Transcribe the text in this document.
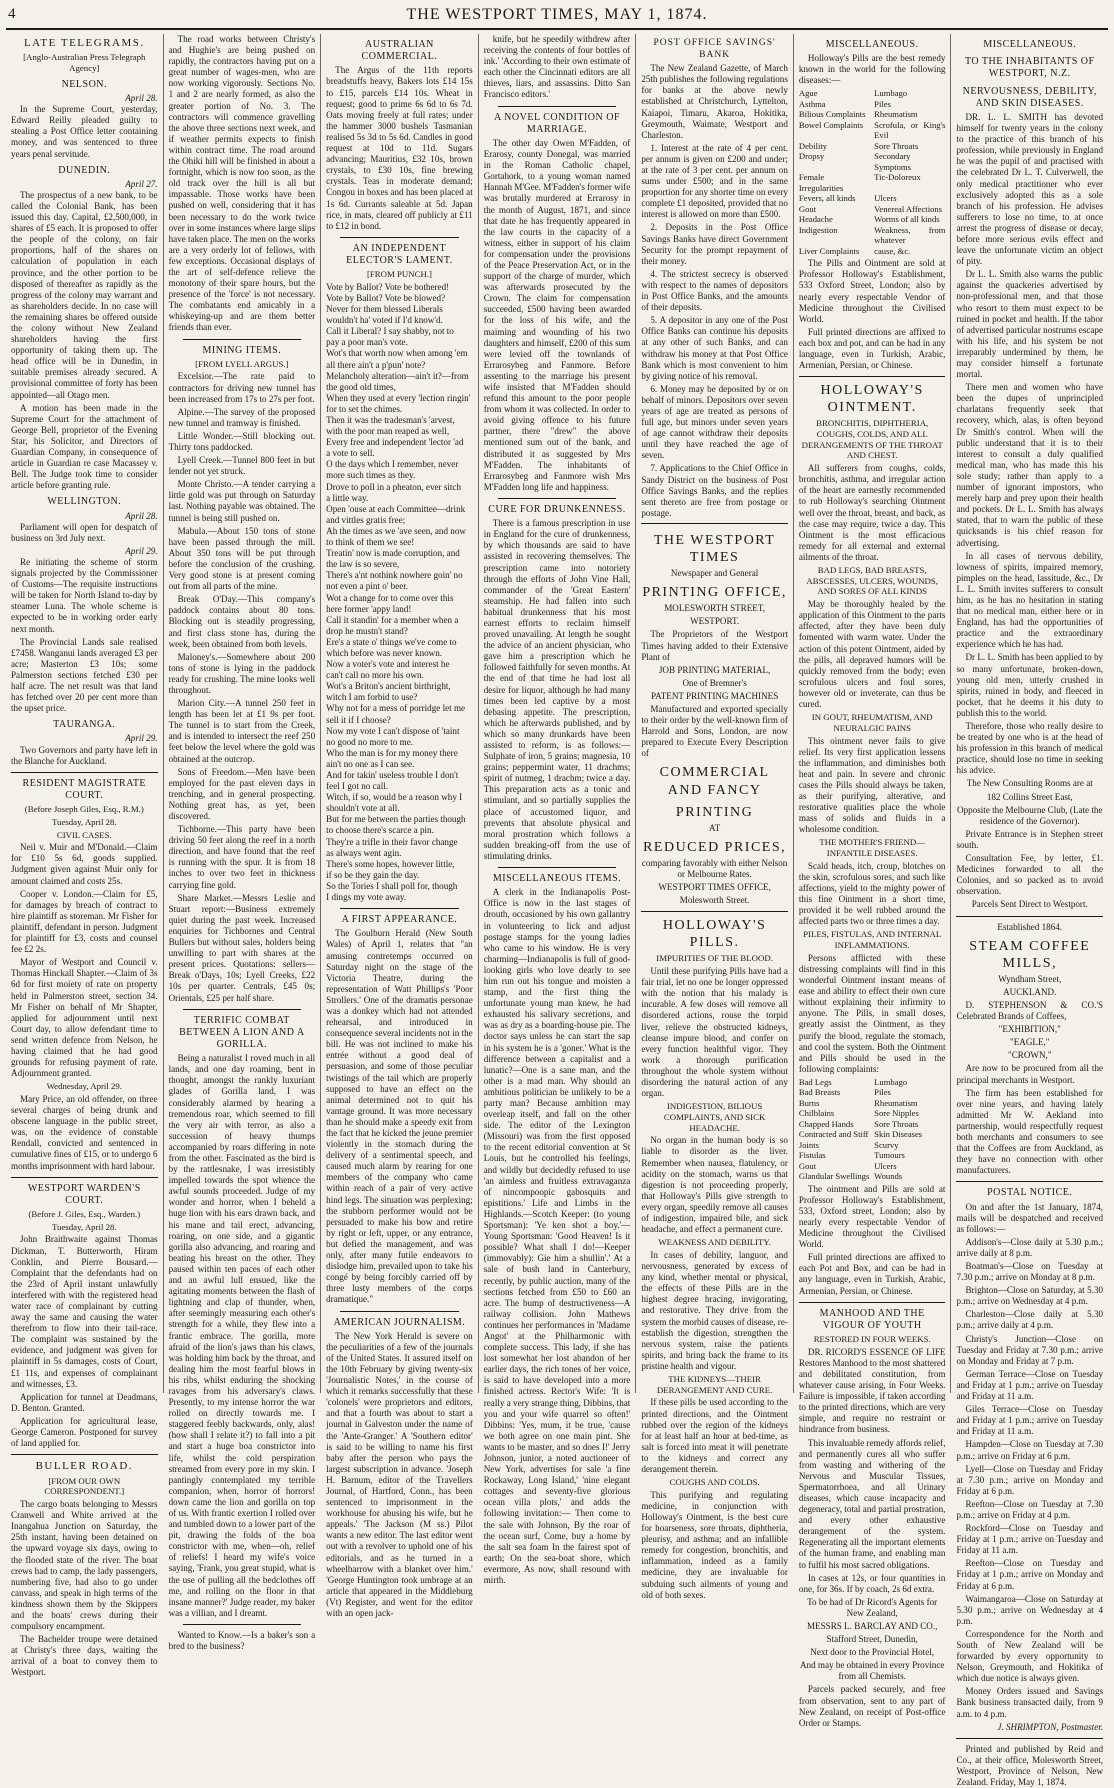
4	THE WESTPORT TIMES, MAY 1, 1874.
LATE TELEGRAMS.
[Anglo-Australian Press Telegraph Agency]
NELSON.

April 28.

In the Supreme Court, yesterday, Edward Reilly pleaded guilty to stealing a Post Office letter containing money, and was sentenced to three years penal servitude.

DUNEDIN.

April 27.

The prospectus of a new bank, to be called the Colonial Bank, has been issued this day. Capital, £2,500,000, in shares of £5 each. It is proposed to offer the people of the colony, on fair proportions, half of the shares on calculation of population in each province, and the other portion to be disposed of thereafter as rapidly as the progress of the colony may warrant and as shareholders decide. In no case will the remaining shares be offered outside the colony without New Zealand shareholders having the first opportunity of taking them up. The head office will be in Dunedin, in suitable premises already secured. A provisional committee of forty has been appointed—all Otago men.

A motion has been made in the Supreme Court for the attachment of George Bell, proprietor of the Evening Star, his Solicitor, and Directors of Guardian Company, in consequence of article in Guardian re case Macassey v. Bell. The Judge took time to consider article before granting rule.

WELLINGTON.

April 28.

Parliament will open for despatch of business on 3rd July next.

April 29.

Re initiating the scheme of storm signals projected by the Commissioner of Customs—The requisite instructions will be taken for North Island to-day by steamer Luna. The whole scheme is expected to be in working order early next month.

The Provincial Lands sale realised £7458. Wanganui lands averaged £3 per acre; Masterton £3 10s; some Palmerston sections fetched £30 per half acre. The net result was that land has fetched over 20 per cent more than the upset price.

TAURANGA.

April 29.

Two Governors and party have left in the Blanche for Auckland.

RESIDENT MAGISTRATE COURT.
(Before Joseph Giles, Esq., R.M.)
Tuesday, April 28.
CIVIL CASES.

Neil v. Muir and M'Donald.—Claim for £10 5s 6d, goods supplied. Judgment given against Muir only for amount claimed and costs 25s.

Cooper v. London.—Claim for £5, for damages by breach of contract to hire plaintiff as storeman. Mr Fisher for plaintiff, defendant in person. Judgment for plaintiff for £3, costs and counsel fee £2 2s.

Mayor of Westport and Council v. Thomas Hinckall Shapter.—Claim of 3s 6d for first moiety of rate on property held in Palmerston street, section 34. Mr Fisher on behalf of Mr Shapter, applied for adjournment until next Court day, to allow defendant time to send written defence from Nelson, he having claimed that he had good grounds for refusing payment of rate. Adjournment granted.

Wednesday, April 29.

Mary Price, an old offender, on three several charges of being drunk and obscene language in the public street, was, on the evidence of constable Rendall, convicted and sentenced in cumulative fines of £15, or to undergo 6 months imprisonment with hard labour.

WESTPORT WARDEN'S COURT.
(Before J. Giles, Esq., Warden.)
Tuesday, April 28.

John Braithwaite against Thomas Dickman, T. Butterworth, Hiram Conklin, and Pierre Bousard.—Complaint that the defendants had on the 23rd of April instant unlawfully interfered with with the registered head water race of complainant by cutting away the same and causing the water therefrom to flow into their tail-race. The complaint was sustained by the evidence, and judgment was given for plaintiff in 5s damages, costs of Court, £1 11s, and expenses of complainant and witnesses, £3.

Application for tunnel at Deadmans, D. Benton. Granted.

Application for agricultural lease, George Cameron. Postponed for survey of land applied for.

BULLER ROAD.
[FROM OUR OWN CORRESPONDENT.]

The cargo boats belonging to Messrs Cranwell and White arrived at the Inangahua Junction on Saturday, the 25th instant, having been detained on the upward voyage six days, owing to the flooded state of the river. The boat crews had to camp, the lady passengers, numbering five, had also to go under canvass, and speak in high terms of the kindness shown them by the Skippers and the boats' crews during their compulsory encampment.

The Bachelder troupe were detained at Christy's three days, waiting the arrival of a boat to convey them to Westport.

The road works between Christy's and Hughie's are being pushed on rapidly, the contractors having put on a great number of wages-men, who are now working vigorously. Sections No. 1 and 2 are nearly formed, as also the greater portion of No. 3. The contractors will commence gravelling the above three sections next week, and if weather permits expects to finish within contract time. The road around the Ohiki hill will be finished in about a fortnight, which is now too soon, as the old track over the hill is all but impassable. Those works have been pushed on well, considering that it has been necessary to do the work twice over in some instances where large slips have taken place. The men on the works are a very orderly lot of fellows, with few exceptions. Occasional displays of the art of self-defence relieve the monotony of their spare hours, but the presence of the 'force' is not necessary. The combatants end amicably in a whiskeying-up and are them better friends than ever.

MINING ITEMS.
[FROM LYELL ARGUS.]

Excelsior.—The rate paid to contractors for driving new tunnel has been increased from 17s to 27s per foot.

Alpine.—The survey of the proposed new tunnel and tramway is finished.

Little Wonder.—Still blocking out. Thirty tons paddocked.

Lyell Creek.—Tunnel 800 feet in but lender not yet struck.

Monte Christo.—A tender carrying a little gold was put through on Saturday last. Nothing payable was obtained. The tunnel is being still pushed on.

Mabula.—About 150 tons of stone have been passed through the mill. About 350 tons will be put through before the conclusion of the crushing. Very good stone is at present coming out from all parts of the mine.

Break O'Day.—This company's paddock contains about 80 tons. Blocking out is steadily progressing, and first class stone has, during the week, been obtained from both levels.

Maloney's.—Somewhere about 200 tons of stone is lying in the paddock ready for crushing. The mine looks well throughout.

Marion City.—A tunnel 250 feet in length has been let at £1 9s per foot. The tunnel is to start from the Creek, and is intended to intersect the reef 250 feet below the level where the gold was obtained at the outcrop.

Sons of Freedom.—Men have been employed for the past eleven days in trenching, and in general prospecting. Nothing great has, as yet, been discovered.

Tichborne.—This party have been driving 50 feet along the reef in a north direction, and have found that the reef is running with the spur. It is from 18 inches to over two feet in thickness carrying fine gold.

Share Market.—Messrs Leslie and Stuart report:—Business extremely quiet during the past week. Increased enquiries for Tichbornes and Central Bullers but without sales, holders being unwilling to part with shares at the present prices. Quotations: sellers—Break o'Days, 10s; Lyell Creeks, £22 10s per quarter. Centrals, £45 0s; Orientals, £25 per half share.

TERRIFIC COMBAT BETWEEN A LION AND A GORILLA.

Being a naturalist I roved much in all lands, and one day roaming, bent in thought, amongst the rankly luxuriant glades of Gorilla land, I was considerably alarmed by hearing a tremendous roar, which seemed to fill the very air with terror, as also a succession of heavy thumps accompanied by roars differing in note from the other. Fascinated as the bird is by the rattlesnake, I was irresistibly impelled towards the spot whence the awful sounds proceeded. Judge of my wonder and horror, when I beheld a huge lion with his ears drawn back, and his mane and tail erect, advancing, roaring, on one side, and a gigantic gorilla also advancing, and roaring and beating his breast on the other. They paused within ten paces of each other and an awful lull ensued, like the agitating moments between the flash of lightning and clap of thunder, when, after seemingly measuring each other's strength for a while, they flew into a frantic embrace. The gorilla, more afraid of the lion's jaws than his claws, was holding him back by the throat, and dealing him the most fearful blows in his ribs, whilst enduring the shocking ravages from his adversary's claws. Presently, to my intense horror the war rolled on directly towards me. I staggered feebly backwards, only, alas! (how shall I relate it?) to fall into a pit and start a huge boa constrictor into life, whilst the cold perspiration streamed from every pore in my skin. I pantingly contemplated my terrible companion, when, horror of horrors! down came the lion and gorilla on top of us. With frantic exertion I rolled over and tumbled down to a lower part of the pit, drawing the folds of the boa constrictor with me, when—oh, relief of reliefs! I heard my wife's voice saying, 'Frank, you great stupid, what is the use of pulling all the bedclothes off me, and rolling on the floor in that insane manner?' Judge reader, my baker was a villian, and I dreamt.

Wanted to Know.—Is a baker's son a bred to the business?

AUSTRALIAN COMMERCIAL.

The Argus of the 11th reports breadstuffs heavy, Bakers lots £14 15s to £15, parcels £14 10s. Wheat in request; good to prime 6s 6d to 6s 7d. Oats moving freely at full rates; under the hammer 3000 bushels Tasmanian realised 5s 3d to 5s 6d. Candles in good request at 10d to 11d. Sugars advancing; Mauritius, £32 10s, brown crystals, to £30 10s, fine brewing crystals. Teas in moderate demand; Congou in boxes and has been placed at 1s 6d. Currants saleable at 5d. Japan rice, in mats, cleared off publicly at £11 to £12 in bond.

AN INDEPENDENT ELECTOR'S LAMENT.
[FROM PUNCH.]

Vote by Ballot? Vote be bothered!
Vote by Ballot? Vote be blowed?
Never for them blessed Liberals
wouldn't ha' voted if I'd know'd.
Call it Liberal? I say shabby, not to
pay a poor man's vote.
Wot's that worth now when among 'em
all there ain't a p'pun' note?
Melancholy alteration—ain't it?—from
the good old times,
When they used at every 'lection ringin'
for to set the chimes.
Then it was the tradesman's 'arvest,
with the poor man reaped as well,
Every free and independent 'lector 'ad
a vote to sell.
O the days which I remember, never
more such times as they.
Drove to poll in a pheaton, ever sitch
a little way.
Open 'ouse at each Committee—drink
and vittles gratis free;
Ah the times as we 'ave seen, and now
to think of them we see!
Treatin' now is made corruption, and
the law is so severe,
There's a'nt nothink nowhere goin' no
not even a pint o' beer.
Wot a change for to come over this
here former 'appy land!
Call it standin' for a member when a
drop he mustn't stand?
Ere's a state o' things we've come to
which before was never known.
Now a voter's vote and interest he
can't call no more his own.
Wot's a Briton's ancient birthright,
witch I am forbid to use?
Why not for a mess of porridge let me
sell it if I choose?
Now my vote I can't dispose of 'taint
no good no more to me.
Who the man is for my money there
ain't no one as I can see.
And for takin' useless trouble I don't
feel I got no call.
Witch, if so, would be a reason why I
shouldn't vote at all.
But for me between the parties though
to choose there's scarce a pin.
They're a trifle in their favor change
as always went agin.
There's some hopes, however little,
if so be they gain the day.
So the Tories I shall poll for, though
I dings my vote away.

A FIRST APPEARANCE.

The Goulburn Herald (New South Wales) of April 1, relates that "an amusing contretemps occurred on Saturday night on the stage of the Victoria Theatre, during the representation of Watt Phillips's 'Poor Strollers.' One of the dramatis personae was a donkey which had not attended rehearsal, and introduced in consequence several incidents not in the bill. He was not inclined to make his entrée without a good deal of persuasion, and some of those peculiar twistings of the tail which are properly supposed to have an effect on the animal determined not to quit his vantage ground. It was more necessary than he should make a speedy exit from the fact that he kicked the jeune premier violently in the stomach during the delivery of a sentimental speech, and caused much alarm by rearing for one members of the company who came within reach of a pair of very active hind legs. The situation was perplexing; the stubborn performer would not be persuaded to make his bow and retire by right or left, upper, or any entrance, but defied the management, and was only, after many futile endeavors to dislodge him, prevailed upon to take his congé by being forcibly carried off by three lusty members of the corps dramatique."

AMERICAN JOURNALISM.

The New York Herald is severe on the peculiarities of a few of the journals of the United States. It assured itself on the 10th February by giving twenty-six 'Journalistic Notes,' in the course of which it remarks successfully that these 'colonels' were proprietors and editors, and that a fourth was about to start a journal in Galveston under the name of the 'Ante-Granger.' A 'Southern editor' is said to be willing to name his first baby after the person who pays the largest subscription in advance. 'Joseph H. Barnum, editor of the Travellers Journal, of Hartford, Conn., has been sentenced to imprisonment in the workhouse for abusing his wife, but he appeals.' 'The Jackson (M ss.) Pilot wants a new editor. The last editor went out with a revolver to uphold one of his editorials, and as he turned in a wheelbarrow with a blanket over him.' 'George Huntington took umbrage at an article that appeared in the Middleburg (Vt) Register, and went for the editor with an open jack-

knife, but he speedily withdrew after receiving the contents of four bottles of ink.' 'According to their own estimate of each other the Cincinnati editors are all thieves, liars, and assassins. Ditto San Francisco editors.'

A NOVEL CONDITION OF MARRIAGE.

The other day Owen M'Fadden, of Erarosy, county Donegal, was married in the Roman Catholic chapel, Gortahork, to a young woman named Hannah M'Gee. M'Fadden's former wife was brutally murdered at Errarosy in the month of August, 1871, and since that date he has frequently appeared in the law courts in the capacity of a witness, either in support of his claim for compensation under the provisions of the Peace Preservation Act, or in the support of the charge of murder, which was afterwards prosecuted by the Crown. The claim for compensation succeeded, £500 having been awarded for the loss of his wife, and the maiming and wounding of his two daughters and himself, £200 of this sum were levied off the townlands of Errarosybeg and Fanmore. Before assenting to the marriage his present wife insisted that M'Fadden should refund this amount to the poor people from whom it was collected. In order to avoid giving offence to his future partner, there "drew" the above mentioned sum out of the bank, and distributed it as suggested by Mrs M'Fadden. The inhabitants of Errarosybeg and Fanmore wish Mrs M'Fadden long life and happiness.

CURE FOR DRUNKENNESS.

There is a famous prescription in use in England for the cure of drunkenness, by which thousands are said to have assisted in recovering themselves. The prescription came into notoriety through the efforts of John Vine Hall, commander of the 'Great Eastern' steamship. He had fallen into such habitual drunkenness that his most earnest efforts to reclaim himself proved unavailing. At length he sought the advice of an ancient physician, who gave him a prescription which he followed faithfully for seven months. At the end of that time he had lost all desire for liquor, although he had many times been led captive by a most debasing appetite. The prescription, which he afterwards published, and by which so many drunkards have been assisted to reform, is as follows:—Sulphate of iron, 5 grains; magnesia, 10 grains; peppermint water, 11 drachms; spirit of nutmeg, 1 drachm; twice a day. This preparation acts as a tonic and stimulant, and so partially supplies the place of accustomed liquor, and prevents that absolute physical and moral prostration which follows a sudden breaking-off from the use of stimulating drinks.

MISCELLANEOUS ITEMS.

A clerk in the Indianapolis Post-Office is now in the last stages of drouth, occasioned by his own gallantry in volunteering to lick and adjust postage stamps for the young ladies who came to his window. He is very charming—Indianapolis is full of good-looking girls who love dearly to see him run out his tongue and moisten a stamp, and the first thing the unfortunate young man knew, he had exhausted his salivary secretions, and was as dry as a boarding-house pie. The doctor says unless he can start the sap in his system he is a 'goner.' What is the difference between a capitalist and a lunatic?—One is a sane man, and the other is a mad man. Why should an ambitious politician be unlikely to be a party man? Because ambition may overleap itself, and fall on the other side. The editor of the Lexington (Missouri) was from the first opposed to the recent editorial convention at St Louis, but he controlled his feelings, and wildly but decidedly refused to use 'an aimless and fruitless extravaganza of nincompoopic gabosquits and epistitions.' Life and Limbs in the Highlands.—Scotch Keeper: (to young Sportsman): 'Ye ken shot a boy.'—Young Sportsman: 'Good Heaven! Is it possible? What shall I do!—Keeper (immovably): Gie him a shullin'.' At a sale of bush land in Canterbury, recently, by public auction, many of the sections fetched from £50 to £60 an acre. The bump of destructiveness—A railway collision. John Mathews continues her performances in 'Madame Angot' at the Philharmonic with complete success. This lady, if she has lost somewhat her lost abandon of her earlier days, the rich tones of her voice, is said to have developed into a more finished actress. Rector's Wife: 'It is really a very strange thing, Dibbins, that you and your wife quarrel so often!' Dibbins: 'Yes, mum, it be true, 'cause we both agree on one main pint. She wants to be master, and so does I!' Jerry Johnson, junior, a noted auctioneer of New York, advertises for sale 'a fine Rockaway, Long Island,' 'nine elegant cottages and seventy-five glorious ocean villa plots,' and adds the following invitation:— Then come to the sale with Johnson, By the roar of the ocean surf, Come, buy a home by the salt sea foam In the fairest spot of earth; On the sea-boat shore, which evermore, As now, shall resound with mirth.

POST OFFICE SAVINGS' BANK

The New Zealand Gazette, of March 25th publishes the following regulations for banks at the above newly established at Christchurch, Lyttelton, Kaiapoi, Timaru, Akaroa, Hokitika, Greymouth, Waimate, Westport and Charleston.

1. Interest at the rate of 4 per cent. per annum is given on £200 and under; at the rate of 3 per cent. per annum on sums under £500; and in the same proportion for any shorter time on every complete £1 deposited, provided that no interest is allowed on more than £500.

2. Deposits in the Post Office Savings Banks have direct Government Security for the prompt repayment of their money.

4. The strictest secrecy is observed with respect to the names of depositors in Post Office Banks, and the amounts of their deposits.

5. A depositor in any one of the Post Office Banks can continue his deposits at any other of such Banks, and can withdraw his money at that Post Office Bank which is most convenient to him by giving notice of his removal.

6. Money may be deposited by or on behalf of minors. Depositors over seven years of age are treated as persons of full age, but minors under seven years of age cannot withdraw their deposits until they have reached the age of seven.

7. Applications to the Chief Office in Sandy District on the business of Post Office Savings Banks, and the replies sent thereto are free from postage or postage.

THE WESTPORT TIMES

Newspaper and General

PRINTING OFFICE,

MOLESWORTH STREET,

WESTPORT.

The Proprietors of the Westport Times having added to their Extensive Plant of

JOB PRINTING MATERIAL,

One of Bremner's

PATENT PRINTING MACHINES

Manufactured and exported specially to their order by the well-known firm of Harrold and Sons, London, are now prepared to Execute Every Description of

COMMERCIAL AND FANCY
PRINTING

AT

REDUCED PRICES,

comparing favorably with either Nelson or Melbourne Rates.

WESTPORT TIMES OFFICE,

Molesworth Street.

HOLLOWAY'S PILLS.
IMPURITIES OF THE BLOOD.

Until these purifying Pills have had a fair trial, let no one be longer oppressed with the notion that his malady is incurable. A few doses will remove all disordered actions, rouse the torpid liver, relieve the obstructed kidneys, cleanse impure blood, and confer on every function healthful vigor. They work a thorough purification throughout the whole system without disordering the natural action of any organ.

INDIGESTION, BILIOUS COMPLAINTS, AND SICK HEADACHE.

No organ in the human body is so liable to disorder as the liver. Remember when nausea, flatulency, or acidity on the stomach, warns us that digestion is not proceeding properly, that Holloway's Pills give strength to every organ, speedily remove all causes of indigestion, impaired bile, and sick headache, and effect a permanent cure.

WEAKNESS AND DEBILITY.

In cases of debility, languor, and nervousness, generated by excess of any kind, whether mental or physical, the effects of these Pills are in the highest degree bracing, invigorating, and restorative. They drive from the system the morbid causes of disease, re-establish the digestion, strengthen the nervous system, raise the patients spirits, and bring back the frame to its pristine health and vigour.

THE KIDNEYS—THEIR DERANGEMENT AND CURE.

If these pills be used according to the printed directions, and the Ointment rubbed over the region of the kidneys for at least half an hour at bed-time, as salt is forced into meat it will penetrate to the kidneys and correct any derangement therein.

COUGHS AND COLDS.

This purifying and regulating medicine, in conjunction with Holloway's Ointment, is the best cure for hoarseness, sore throats, diphtheria, pleurisy, and asthma; and an infallible remedy for congestion, bronchitis, and inflammation, indeed as a family medicine, they are invaluable for subduing such ailments of young and old of both sexes.

MISCELLANEOUS.

Holloway's Pills are the best remedy known in the world for the following diseases:—

Ague	Lumbago
Asthma	Piles
Bilious Complaints	Rheumatism
Bowel Complaints	Scrofula, or King's Evil
Debility	Sore Throats
Dropsy	Secondary Symptoms
Female Irregularities
Tic-Doloreux
Fevers, all kinds	Ulcers
Gout	Venereal Affections
Headache	Worms of all kinds
Indigestion	Weakness, from whatever
Liver Complaints	cause, &c.

The Pills and Ointment are sold at Professor Holloway's Establishment, 533 Oxford Street, London; also by nearly every respectable Vendor of Medicine throughout the Civilised World.

Full printed directions are affixed to each box and pot, and can be had in any language, even in Turkish, Arabic, Armenian, Persian, or Chinese.

HOLLOWAY'S OINTMENT.
BRONCHITIS, DIPHTHERIA, COUGHS, COLDS, AND ALL DERANGEMENTS OF THE THROAT AND CHEST.

All sufferers from coughs, colds, bronchitis, asthma, and irregular action of the heart are earnestly recommended to rub Holloway's searching Ointment well over the throat, breast, and back, as the case may require, twice a day. This Ointment is the most efficacious remedy for all external and external ailments of the throat.

BAD LEGS, BAD BREASTS, ABSCESSES, ULCERS, WOUNDS, AND SORES OF ALL KINDS

May be thoroughly healed by the application of this Ointment to the parts affected, after they have been duly fomented with warm water. Under the action of this potent Ointment, aided by the pills, all depraved humors will be quickly removed from the body; even scrofulous ulcers and foul sores, however old or inveterate, can thus be cured.

IN GOUT, RHEUMATISM, AND NEURALGIC PAINS

This ointment never fails to give relief. Its very first application lessens the inflammation, and diminishes both heat and pain. In severe and chronic cases the Pills should always be taken, as their purifying, alterative, and restorative qualities place the whole mass of solids and fluids in a wholesome condition.

THE MOTHER'S FRIEND—INFANTILE DISEASES.

Scald heads, itch, croup, blotches on the skin, scrofulous sores, and such like affections, yield to the mighty power of this fine Ointment in a short time, provided it be well rubbed around the affected parts two or three times a day.

PILES, FISTULAS, AND INTERNAL INFLAMMATIONS.

Persons afflicted with these distressing complaints will find in this wonderful Ointment instant means of ease and ability to effect their own cure without explaining their infirmity to anyone. The Pills, in small doses, greatly assist the Ointment, as they purify the blood, regulate the stomach, and cool the system. Both the Ointment and Pills should be used in the following complaints:

Bad Legs	Lumbago
Bad Breasts	Piles
Burns	Rheumatism
Chilblains	Sore Nipples
Chapped Hands	Sore Throats
Contracted and Stiff Skin Diseases
Joints	Scurvy
Fistulas	Tumours
Gout	Ulcers
Glandular Swellings Wounds

The ointment and Pills are sold at Professor Holloway's Establishment, 533, Oxford street, London; also by nearly every respectable Vendor of Medicine throughout the Civilised World.

Full printed directions are affixed to each Pot and Box, and can be had in any language, even in Turkish, Arabic, Armenian, Persian, or Chinese.

MANHOOD AND THE VIGOUR OF YOUTH
RESTORED IN FOUR WEEKS.

DR. RICORD'S ESSENCE OF LIFE Restores Manhood to the most shattered and debilitated constitution, from whatever cause arising, in Four Weeks. Failure is impossible, if taken according to the printed directions, which are very simple, and require no restraint or hindrance from business.

This invaluable remedy affords relief, and permanently cures all who suffer from wasting and withering of the Nervous and Muscular Tissues, Spermatorrhoea, and all Urinary diseases, which cause incapacity and degeneracy, total and partial prostration, and every other exhaustive derangement of the system. Regenerating all the important elements of the human frame, and enabling man to fulfil his most sacred obligations.

In cases at 12s, or four quantities in one, for 36s. If by coach, 2s 6d extra.

To be had of Dr Ricord's Agents for New Zealand,

MESSRS L. BARCLAY AND CO.,

Stafford Street, Dunedin,

Next door to the Provincial Hotel,

And may be obtained in every Province from all Chemists.

Parcels packed securely, and free from observation, sent to any part of New Zealand, on receipt of Post-office Order or Stamps.

MISCELLANEOUS.
TO THE INHABITANTS OF WESTPORT, N.Z.
NERVOUSNESS, DEBILITY, AND SKIN DISEASES.

DR. L. L. SMITH has devoted himself for twenty years in the colony to the practice of this branch of his profession, while previously in England he was the pupil of and practised with the celebrated Dr L. T. Culverwell, the only medical practitioner who ever exclusively adopted this as a sole branch of his profession. He advises sufferers to lose no time, to at once arrest the progress of disease or decay, before more serious evils effect and leave the unfortunate victim an object of pity.

Dr L. L. Smith also warns the public against the quackeries advertised by non-professional men, and that those who resort to them must expect to be ruined in pocket and health. If the tabor of advertised particular nostrums escape with his life, and his system be not irreparably undermined by them, he may consider himself a fortunate mortal.

There men and women who have been the dupes of unprincipled charlatans frequently seek that recovery, which, alas, is often beyond Dr Smith's control. When will the public understand that it is to their interest to consult a duly qualified medical man, who has made this his sole study; rather than apply to a number of ignorant impostors, who merely harp and prey upon their health and pockets. Dr L. L. Smith has always stated, that to warn the public of these quicksands is his chief reason for advertising.

In all cases of nervous debility, lowness of spirits, impaired memory, pimples on the head, lassitude, &c., Dr L. L. Smith invites sufferers to consult him, as he has no hesitation in stating that no medical man, either here or in England, has had the opportunities of practice and the extraordinary experience which he has had.

Dr L. L. Smith has been applied to by so many unfortunate, broken-down, young old men, utterly crushed in spirits, ruined in body, and fleeced in pocket, that he deems it his duty to publish this to the world.

Therefore, those who really desire to be treated by one who is at the head of his profession in this branch of medical practice, should lose no time in seeking his advice.

The New Consulting Rooms are at

182 Collins Street East,

Opposite the Melbourne Club, (Late the residence of the Governor).

Private Entrance is in Stephen street south.

Consultation Fee, by letter, £1. Medicines forwarded to all the Colonies, and so packed as to avoid observation.

Parcels Sent Direct to Westport.

Established 1864.

STEAM COFFEE MILLS,

Wyndham Street,

AUCKLAND.

D. STEPHENSON & CO.'S Celebrated Brands of Coffees,

"EXHIBITION,"

"EAGLE,"

"CROWN,"

Are now to be procured from all the principal merchants in Westport.

The firm has been established for over nine years, and having lately admitted Mr W. Aekland into partnership, would respectfully request both merchants and consumers to see that the Coffees are from Auckland, as they have no connection with other manufacturers.

POSTAL NOTICE.

On and after the 1st January, 1874, mails will be despatched and received as follows:—

Addison's—Close daily at 5.30 p.m.; arrive daily at 8 p.m.

Boatman's—Close on Tuesday at 7.30 p.m.; arrive on Monday at 8 p.m.

Brighton—Close on Saturday, at 5.30 p.m.; arrive on Wednesday at 4 p.m.

Charleston—Close daily at 5.30 p.m.; arrive daily at 4 p.m.

Christy's Junction—Close on Tuesday and Friday at 7.30 p.m.; arrive on Monday and Friday at 7 p.m.

German Terrace—Close on Tuesday and Friday at 1 p.m.; arrive on Tuesday and Friday at 11 a.m.

Giles Terrace—Close on Tuesday and Friday at 1 p.m.; arrive on Tuesday and Friday at 11 a.m.

Hampden—Close on Tuesday at 7.30 p.m.; arrive on Friday at 6 p.m.

Lyell—Close on Tuesday and Friday at 7.30 p.m.; arrive on Monday and Friday at 6 p.m.

Reefton—Close on Tuesday at 7.30 p.m.; arrive on Friday at 4 p.m.

Rockford—Close on Tuesday and Friday at 1 p.m.; arrive on Tuesday and Friday at 11 a.m.

Reefton—Close on Tuesday and Friday at 1 p.m.; arrive on Monday and Friday at 6 p.m.

Waimangaroa—Close on Saturday at 5.30 p.m.; arrive on Wednesday at 4 p.m.

Correspondence for the North and South of New Zealand will be forwarded by every opportunity to Nelson, Greymouth, and Hokitika of which due notice is always given.

Money Orders issued and Savings Bank business transacted daily, from 9 a.m. to 4 p.m.

J. SHRIMPTON, Postmaster.

Printed and published by Reid and Co., at their office, Molesworth Street, Westport, Province of Nelson, New Zealand. Friday, May 1, 1874.
